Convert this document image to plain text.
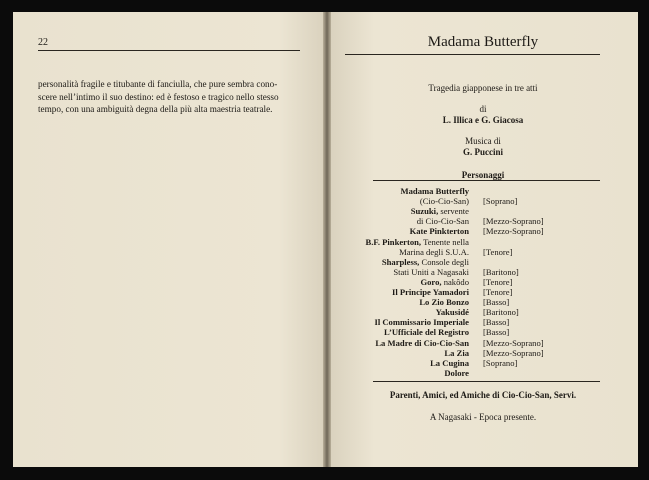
22
personalità fragile e titubante di fanciulla, che pure sembra cono-
scere nell’intimo il suo destino: ed è festoso e tragico nello stesso
tempo, con una ambiguità degna della più alta maestria teatrale.
Madama Butterfly
Tragedia giapponese in tre atti
di
L. Illica e G. Giacosa
Musica di
G. Puccini
Personaggi
Madama Butterfly
(Cio-Cio-San) [Soprano]
Suzuki, servente
di Cio-Cio-San [Mezzo-Soprano]
Kate Pinkterton [Mezzo-Soprano]
B.F. Pinkerton, Tenente nella
Marina degli S.U.A. [Tenore]
Sharpless, Console degli
Stati Uniti a Nagasaki [Baritono]
Goro, nakôdo [Tenore]
Il Principe Yamadori [Tenore]
Lo Zio Bonzo [Basso]
Yakusidé [Baritono]
Il Commissario Imperiale [Basso]
L’Ufficiale del Registro [Basso]
La Madre di Cio-Cio-San [Mezzo-Soprano]
La Zia [Mezzo-Soprano]
La Cugina [Soprano]
Dolore
Parenti, Amici, ed Amiche di Cio-Cio-San, Servi.
A Nagasaki - Epoca presente.
